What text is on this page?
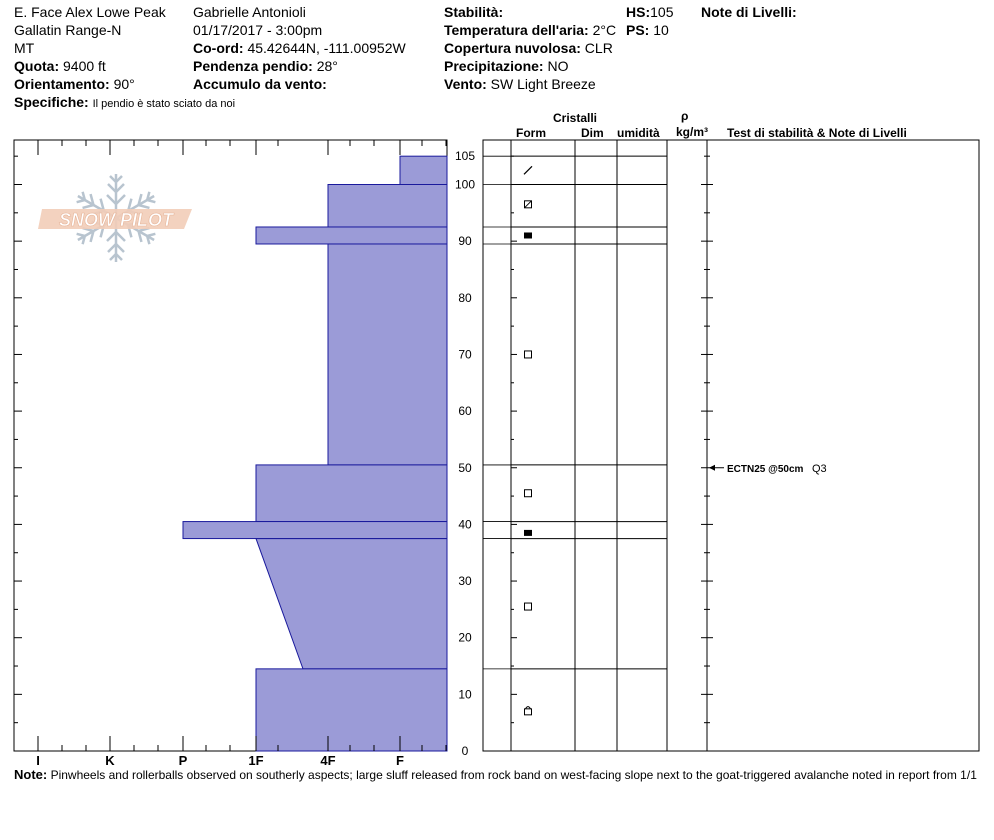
E. Face Alex Lowe Peak
Gallatin Range-N
MT
Quota: 9400 ft
Orientamento: 90°
Specifiche: Il pendio è stato sciato da noi
Gabrielle Antonioli
01/17/2017 - 3:00pm
Co-ord: 45.42644N, -111.00952W
Pendenza pendio: 28°
Accumulo da vento:
Stabilità:
Temperatura dell'aria: 2°C
Copertura nuvolosa: CLR
Precipitazione: NO
Vento: SW Light Breeze
HS:105
PS: 10
Note di Livelli:
Cristalli
Form	Dim umidità
ρ
kg/m³ Test di stabilità & Note di Livelli
SNOW PILOT
I	K	P	1F	4F	F
0
10
20
30
40
50
60
70
80
90
100
105
ECTN25 @50cm Q3
Note: Pinwheels and rollerballs observed on southerly aspects; large sluff released from rock band on west-facing slope next to the goat-triggered avalanche noted in report from 1/1
